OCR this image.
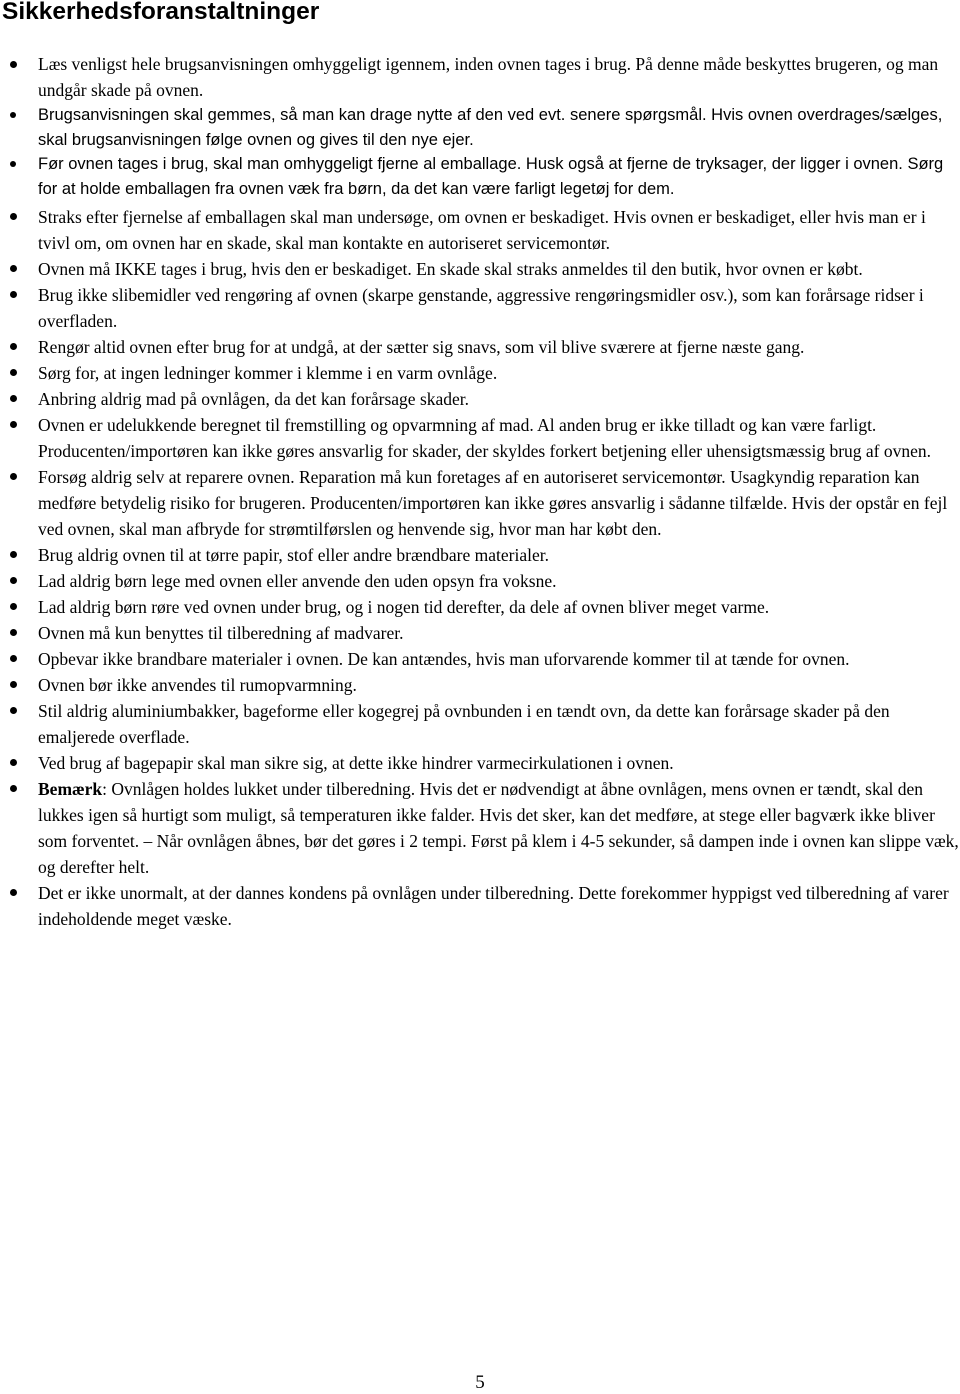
Sikkerhedsforanstaltninger
Læs venligst hele brugsanvisningen omhyggeligt igennem, inden ovnen tages i brug. På denne måde beskyttes brugeren, og man undgår skade på ovnen.
Brugsanvisningen skal gemmes, så man kan drage nytte af den ved evt. senere spørgsmål. Hvis ovnen overdrages/sælges, skal brugsanvisningen følge ovnen og gives til den nye ejer.
Før ovnen tages i brug, skal man omhyggeligt fjerne al emballage. Husk også at fjerne de tryksager, der ligger i ovnen. Sørg for at holde emballagen fra ovnen væk fra børn, da det kan være farligt legetøj for dem.
Straks efter fjernelse af emballagen skal man undersøge, om ovnen er beskadiget. Hvis ovnen er beskadiget, eller hvis man er i tvivl om, om ovnen har en skade, skal man kontakte en autoriseret servicemontør.
Ovnen må IKKE tages i brug, hvis den er beskadiget. En skade skal straks anmeldes til den butik, hvor ovnen er købt.
Brug ikke slibemidler ved rengøring af ovnen (skarpe genstande, aggressive rengøringsmidler osv.), som kan forårsage ridser i overfladen.
Rengør altid ovnen efter brug for at undgå, at der sætter sig snavs, som vil blive sværere at fjerne næste gang.
Sørg for, at ingen ledninger kommer i klemme i en varm ovnlåge.
Anbring aldrig mad på ovnlågen, da det kan forårsage skader.
Ovnen er udelukkende beregnet til fremstilling og opvarmning af mad. Al anden brug er ikke tilladt og kan være farligt. Producenten/importøren kan ikke gøres ansvarlig for skader, der skyldes forkert betjening eller uhensigtsmæssig brug af ovnen.
Forsøg aldrig selv at reparere ovnen. Reparation må kun foretages af en autoriseret servicemontør. Usagkyndig reparation kan medføre betydelig risiko for brugeren. Producenten/importøren kan ikke gøres ansvarlig i sådanne tilfælde. Hvis der opstår en fejl ved ovnen, skal man afbryde for strømtilførslen og henvende sig, hvor man har købt den.
Brug aldrig ovnen til at tørre papir, stof eller andre brændbare materialer.
Lad aldrig børn lege med ovnen eller anvende den uden opsyn fra voksne.
Lad aldrig børn røre ved ovnen under brug, og i nogen tid derefter, da dele af ovnen bliver meget varme.
Ovnen må kun benyttes til tilberedning af madvarer.
Opbevar ikke brandbare materialer i ovnen. De kan antændes, hvis man uforvarende kommer til at tænde for ovnen.
Ovnen bør ikke anvendes til rumopvarmning.
Stil aldrig aluminiumbakker, bageforme eller kogegrej på ovnbunden i en tændt ovn, da dette kan forårsage skader på den emaljerede overflade.
Ved brug af bagepapir skal man sikre sig, at dette ikke hindrer varmecirkulationen i ovnen.
Bemærk: Ovnlågen holdes lukket under tilberedning. Hvis det er nødvendigt at åbne ovnlågen, mens ovnen er tændt, skal den lukkes igen så hurtigt som muligt, så temperaturen ikke falder. Hvis det sker, kan det medføre, at stege eller bagværk ikke bliver som forventet. – Når ovnlågen åbnes, bør det gøres i 2 tempi. Først på klem i 4-5 sekunder, så dampen inde i ovnen kan slippe væk, og derefter helt.
Det er ikke unormalt, at der dannes kondens på ovnlågen under tilberedning. Dette forekommer hyppigst ved tilberedning af varer indeholdende meget væske.
5
